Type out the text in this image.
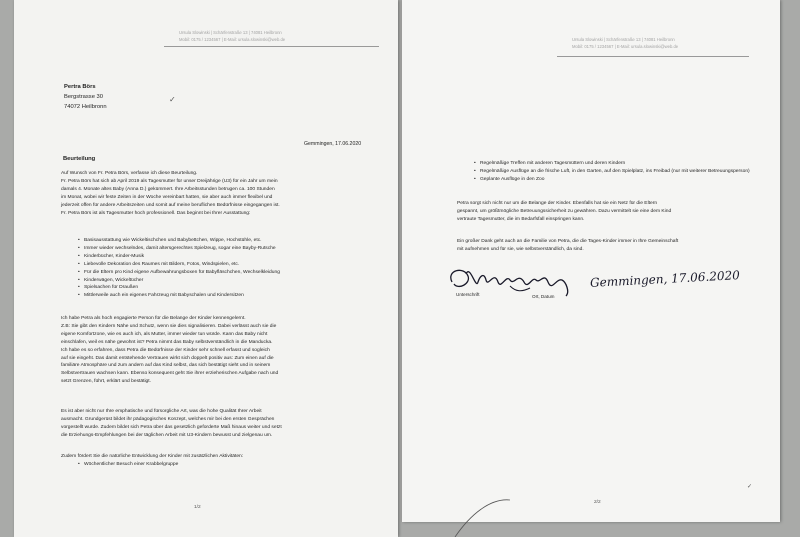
Ursula Slowinski | Schärfenstraße 13 | 74081 Heilbronn
Mobil: 0175 / 1234567 | E-Mail: ursula.slowinski@web.de
Pertra Börs
Bergstrasse 30
74072 Heilbronn
✓
Gemmingen, 17.06.2020
Beurteilung

Auf Wunsch von Fr. Petra Börs, verfasse ich diese Beurteilung.

Fr. Petra Börs hat sich ab April 2019 als Tagesmutter für unser Dreijährige (U3) für ein Jahr um mein

damals 4. Monate altes Baby (Anna D.) gekümmert. Ihre Arbeitsstunden betrugen ca. 100 Stunden

im Monat, wobei wir feste Zeiten in der Woche vereinbart hatten, sie aber auch immer flexibel und

jederzeit offen für andere Arbeitszeiten und somit auf meine beruflichen Bedürfnisse eingegangen ist.

Fr. Petra Börs ist als Tagesmutter hoch professionell. Das beginnt bei Ihrer Ausstattung:

• Basisausstattung wie Wickeltischchen und Babybettchen, Wippe, Hochstühle, etc.
• Immer wieder wechselndes, damit altersgerechtes Spielzeug, sogar eine Bayby-Rutsche
• Kinderbücher, Kinder-Musik
• Liebevolle Dekoration des Raumes mit Bildern, Fotos, Windspielen, etc.
• Für die Eltern pro Kind eigene Aufbewahrungsboxen für Babyfläschchen, Wechselkleidung
• Kinderwägen, Wickeltücher
• Spielsachen für Draußen
• Mittlerweile auch ein eigenes Fahrzeug mit Babyschalen und Kindersitzen

Ich habe Petra als hoch engagierte Person für die Belange der Kinder kennengelernt.

Z.B: Sie gibt den Kindern Nähe und Schutz, wenn sie dies signalisieren. Dabei verlässt auch sie die

eigene Komfortzone, wie es auch ich, als Mutter, immer wieder tun würde. Kann das Baby nicht

einschlafen, weil es nähe gewohnt ist? Petra nimmt das Baby selbstverständlich in die Manducka.

Ich habe es so erfahren, dass Petra die Bedürfnisse der Kinder sehr schnell erfasst und sogleich

auf sie eingeht. Das damit entstehende Vertrauen wirkt sich doppelt positiv aus: Zum einen auf die

familiäre Atmosphäre und zum andern auf das Kind selbst, das sich bestätigt sieht und in seinem

Selbstvertrauen wachsen kann. Ebenso konsequent geht Sie ihrer erzieherischen Aufgabe nach und

setzt Grenzen, führt, erklärt und bestätigt.

Es ist aber nicht nur Ihre emphatische und fürsorgliche Art, was die hohe Qualität Ihrer Arbeit

ausmacht. Grundgerüst bildet ihr pädagogisches Konzept, welches mir bei den ersten Gesprächen

vorgestellt wurde. Zudem bildet sich Petra über das gesetzlich geforderte Maß hinaus weiter und setzt

die Erziehungs-Empfehlungen bei der täglichen Arbeit mit U3-Kindern bewusst und zielgenau um.

Zudem fördert Sie die natürliche Entwicklung der Kinder mit zusätzlichen Aktivitäten:
• Wöchentlicher Besuch einer Krabbelgruppe
1/2
Ursula Slowinski | Schärfenstraße 13 | 74081 Heilbronn
Mobil: 0175 / 1234567 | E-Mail: ursula.slowinski@web.de
• Regelmäßige Treffen mit anderen Tagesmüttern und deren Kindern
• Regelmäßige Ausflüge an die frische Luft, in den Garten, auf den Spielplatz, ins Freibad (nur mit weiterer Betreuungsperson)
• Geplante Ausflüge in den Zoo

Petra sorgt sich nicht nur um die Belange der Kinder. Ebenfalls hat sie ein Netz für die Eltern

gespannt, um größtmögliche Betreuungssicherheit zu gewähren. Dazu vermittelt sie eine dem Kind

vertraute Tagesmutter, die im Bedarfsfall einspringen kann.

Ein großer Dank geht auch an die Familie von Petra, die die Tages-Kinder immer in Ihre Gemeinschaft

mit aufnehmen und für sie, wie selbstverständlich, da sind.

Unterschrift	Ort, Datum
Gemmingen, 17.06.2020
✓
2/2
